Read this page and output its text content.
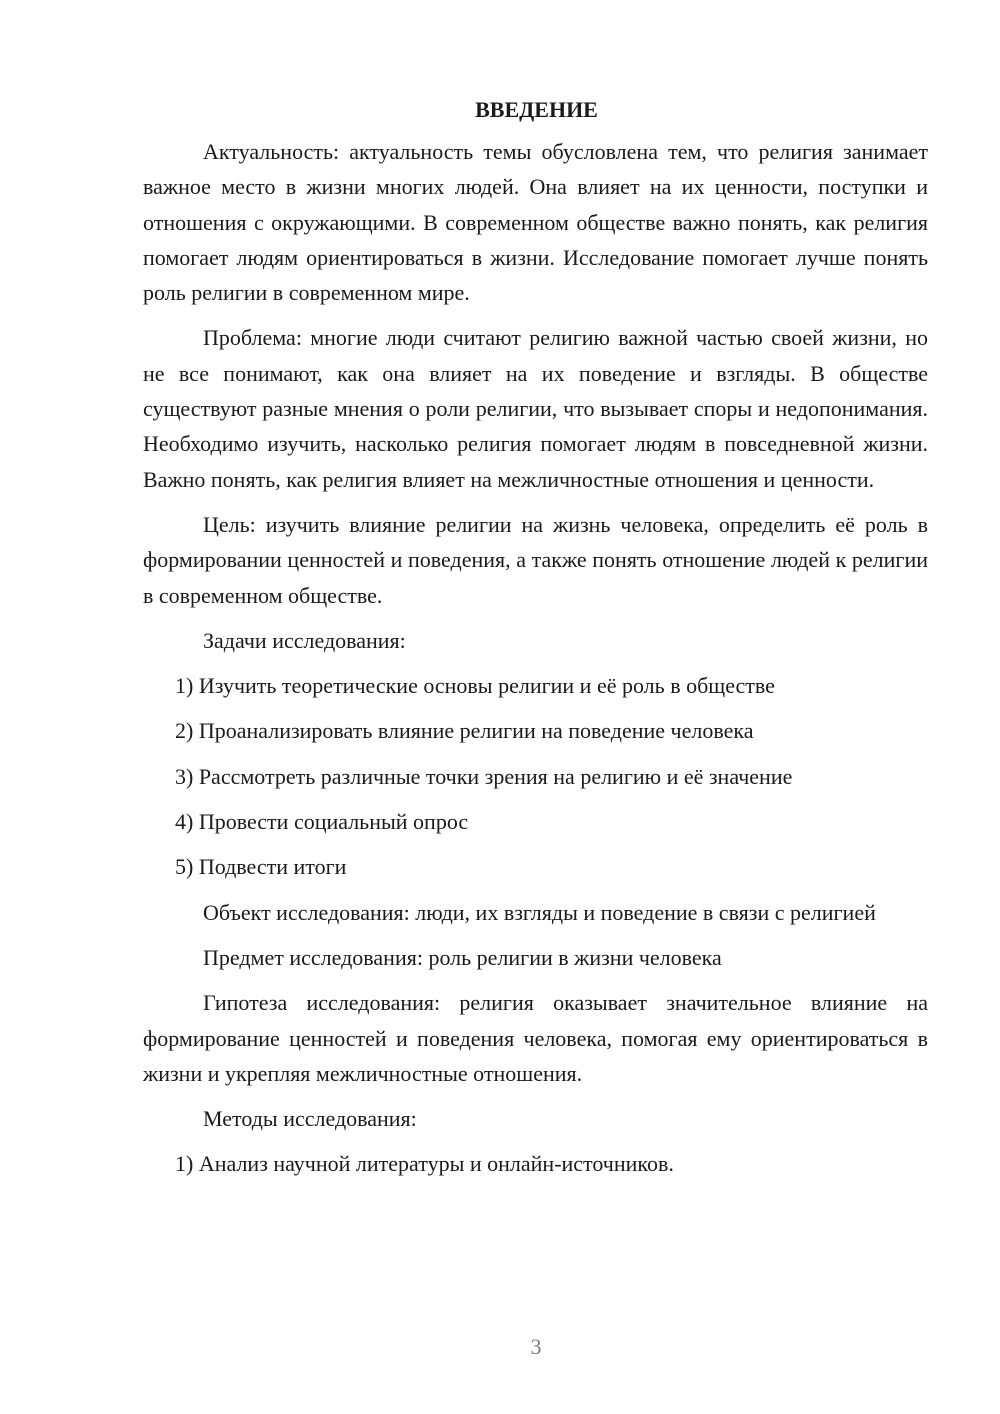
ВВЕДЕНИЕ

Актуальность: актуальность темы обусловлена тем, что религия занимает важное место в жизни многих людей. Она влияет на их ценности, поступки и отношения с окружающими. В современном обществе важно понять, как религия помогает людям ориентироваться в жизни. Исследование помогает лучше понять роль религии в современном мире.

Проблема: многие люди считают религию важной частью своей жизни, но не все понимают, как она влияет на их поведение и взгляды. В обществе существуют разные мнения о роли религии, что вызывает споры и недопонимания. Необходимо изучить, насколько религия помогает людям в повседневной жизни. Важно понять, как религия влияет на межличностные отношения и ценности.

Цель: изучить влияние религии на жизнь человека, определить её роль в формировании ценностей и поведения, а также понять отношение людей к религии в современном обществе.

Задачи исследования:

1) Изучить теоретические основы религии и её роль в обществе
2) Проанализировать влияние религии на поведение человека
3) Рассмотреть различные точки зрения на религию и её значение
4) Провести социальный опрос
5) Подвести итоги

Объект исследования: люди, их взгляды и поведение в связи с религией

Предмет исследования: роль религии в жизни человека

Гипотеза исследования: религия оказывает значительное влияние на формирование ценностей и поведения человека, помогая ему ориентироваться в жизни и укрепляя межличностные отношения.

Методы исследования:

1) Анализ научной литературы и онлайн-источников.
3
